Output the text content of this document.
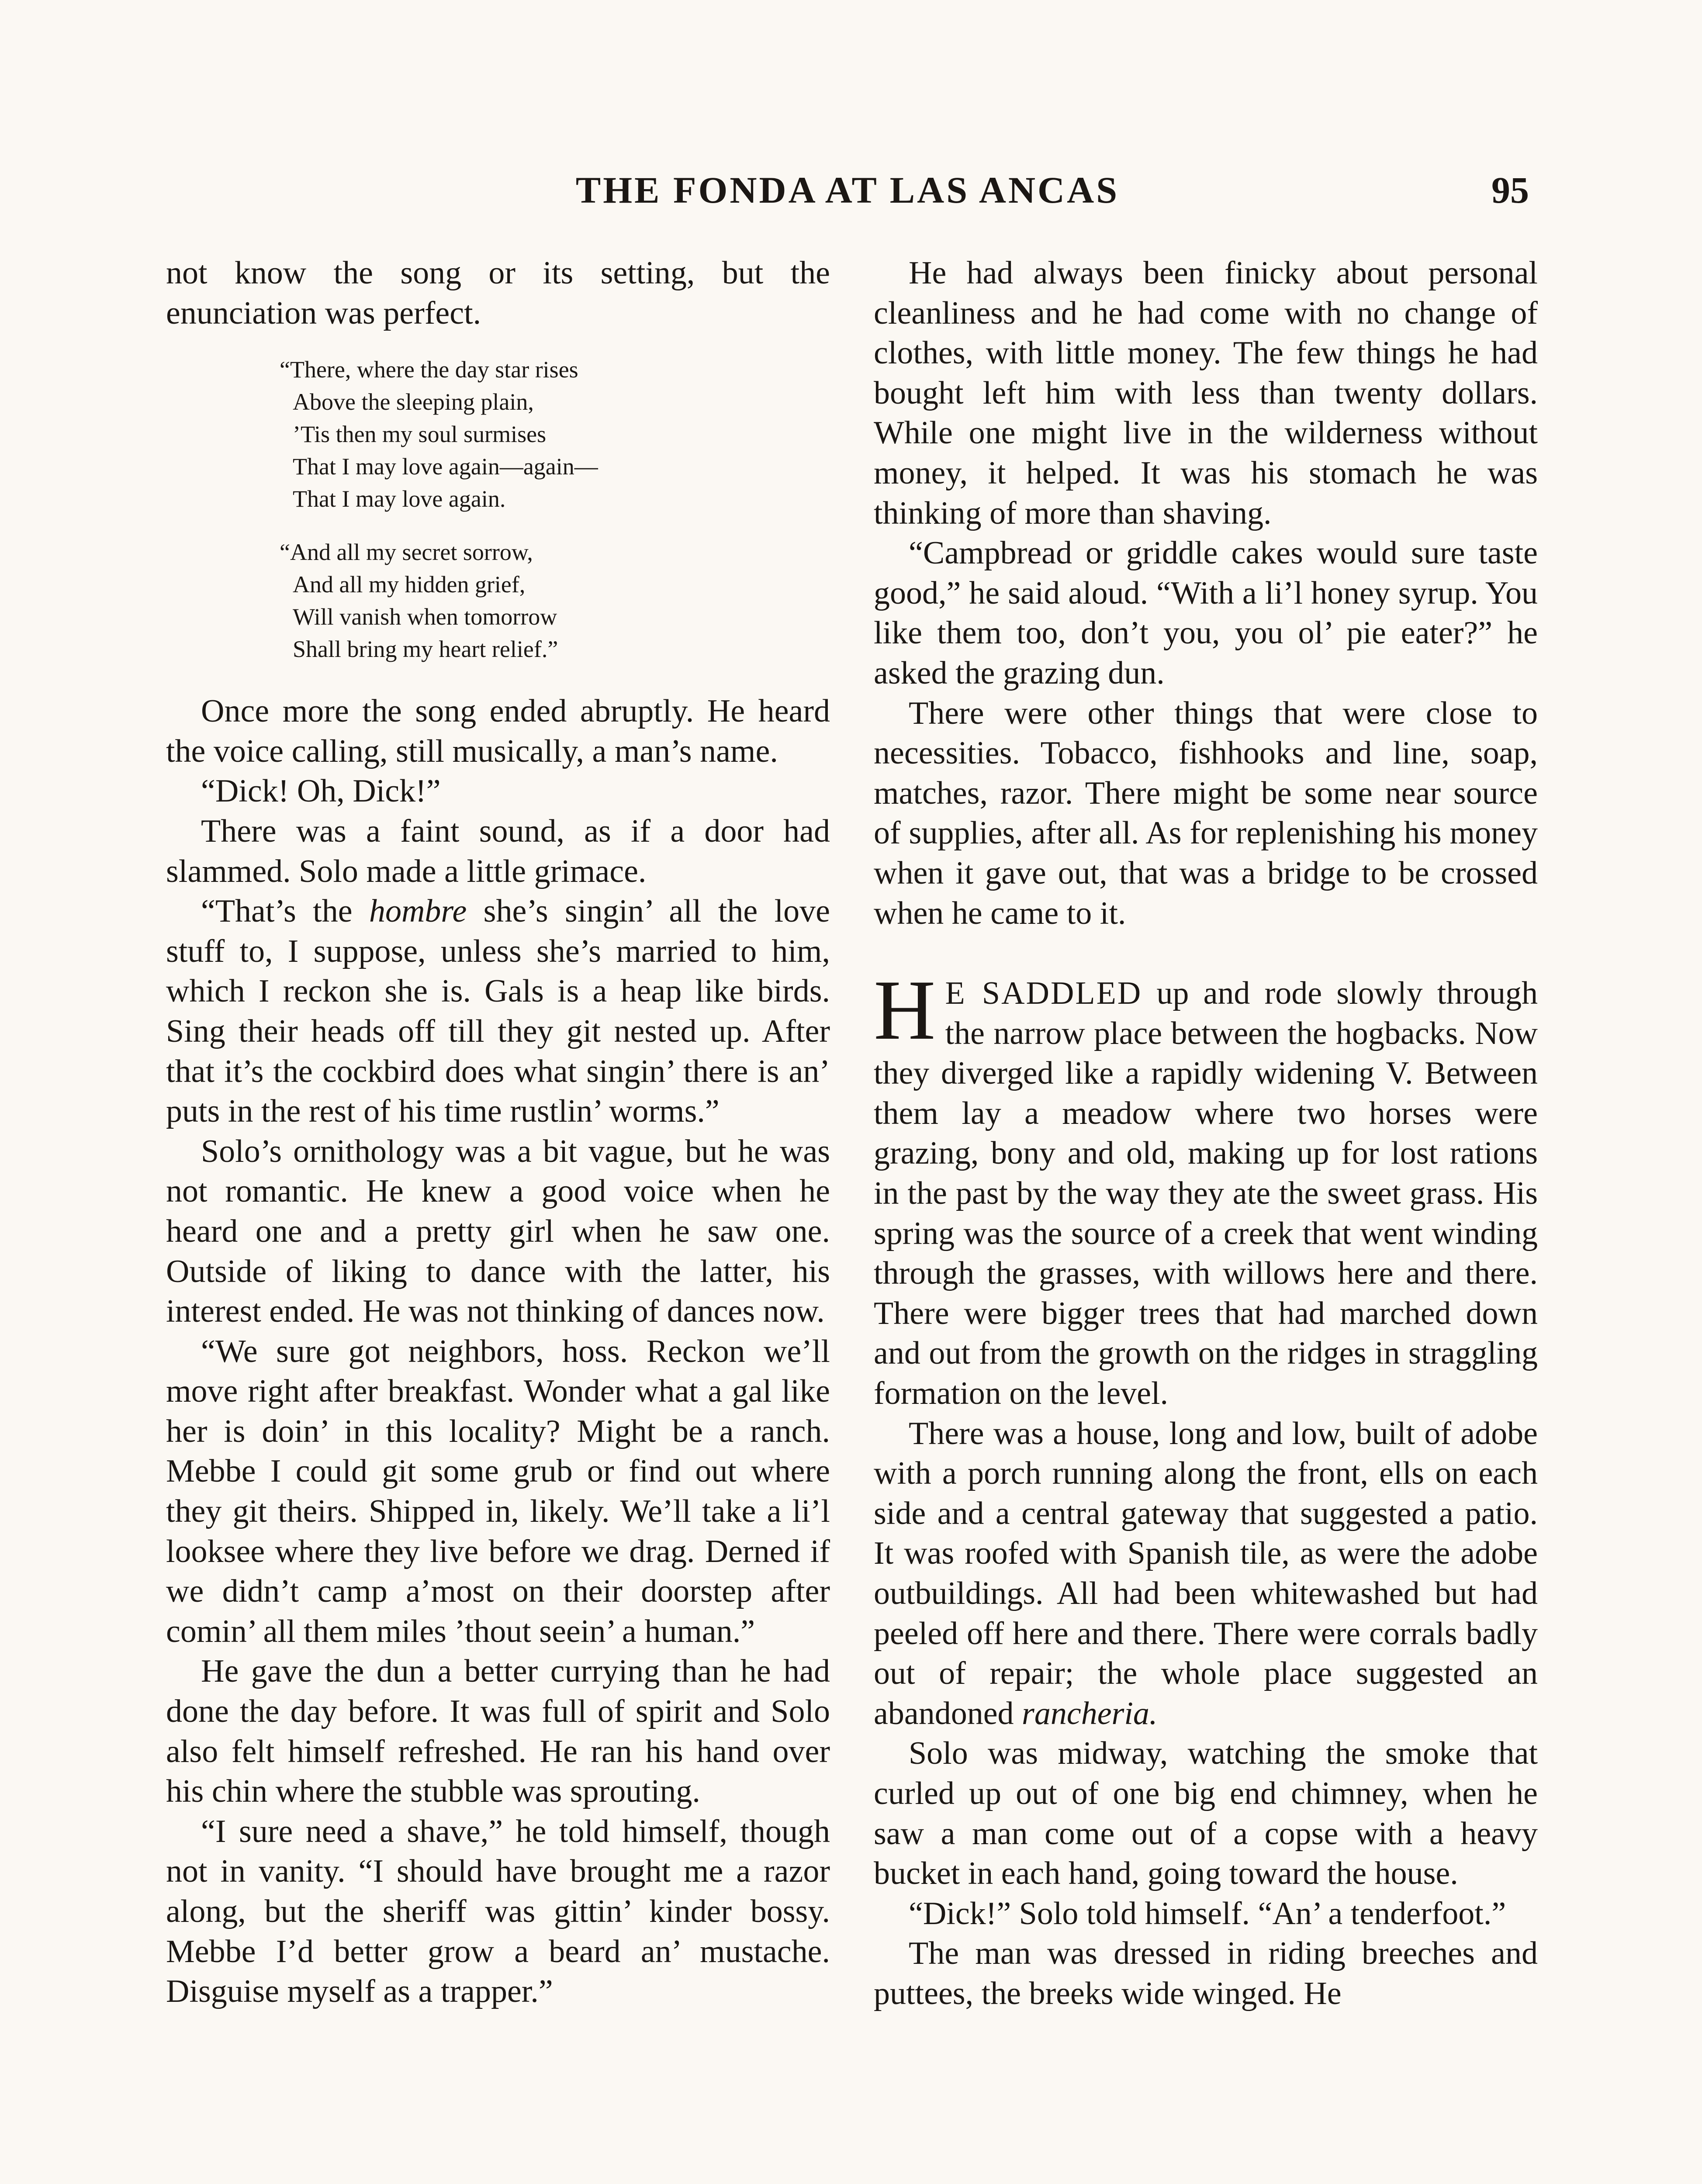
THE FONDA AT LAS ANCAS	95

not know the song or its setting, but the enunciation was perfect.

“There, where the day star rises
Above the sleeping plain,
’Tis then my soul surmises
That I may love again—again—
That I may love again.
“And all my secret sorrow,
And all my hidden grief,
Will vanish when tomorrow
Shall bring my heart relief.”

Once more the song ended abruptly. He heard the voice calling, still musically, a man’s name.

“Dick! Oh, Dick!”

There was a faint sound, as if a door had slammed. Solo made a little grimace.

“That’s the hombre she’s singin’ all the love stuff to, I suppose, unless she’s married to him, which I reckon she is. Gals is a heap like birds. Sing their heads off till they git nested up. After that it’s the cockbird does what singin’ there is an’ puts in the rest of his time rustlin’ worms.”

Solo’s ornithology was a bit vague, but he was not romantic. He knew a good voice when he heard one and a pretty girl when he saw one. Outside of liking to dance with the latter, his interest ended. He was not thinking of dances now.

“We sure got neighbors, hoss. Reckon we’ll move right after breakfast. Wonder what a gal like her is doin’ in this locality? Might be a ranch. Mebbe I could git some grub or find out where they git theirs. Shipped in, likely. We’ll take a li’l looksee where they live before we drag. Derned if we didn’t camp a’most on their doorstep after comin’ all them miles ’thout seein’ a human.”

He gave the dun a better currying than he had done the day before. It was full of spirit and Solo also felt himself refreshed. He ran his hand over his chin where the stubble was sprouting.

“I sure need a shave,” he told himself, though not in vanity. “I should have brought me a razor along, but the sheriff was gittin’ kinder bossy. Mebbe I’d better grow a beard an’ mustache. Disguise myself as a trapper.”

He had always been finicky about personal cleanliness and he had come with no change of clothes, with little money. The few things he had bought left him with less than twenty dollars. While one might live in the wilderness without money, it helped. It was his stomach he was thinking of more than shaving.

“Campbread or griddle cakes would sure taste good,” he said aloud. “With a li’l honey syrup. You like them too, don’t you, you ol’ pie eater?” he asked the grazing dun.

There were other things that were close to necessities. Tobacco, fishhooks and line, soap, matches, razor. There might be some near source of supplies, after all. As for replenishing his money when it gave out, that was a bridge to be crossed when he came to it.

H E SADDLED up and rode slowly through the narrow place between the hogbacks. Now they diverged like a rapidly widening V. Between them lay a meadow where two horses were grazing, bony and old, making up for lost rations in the past by the way they ate the sweet grass. His spring was the source of a creek that went winding through the grasses, with willows here and there. There were bigger trees that had marched down and out from the growth on the ridges in straggling formation on the level.

There was a house, long and low, built of adobe with a porch running along the front, ells on each side and a central gateway that suggested a patio. It was roofed with Spanish tile, as were the adobe outbuildings. All had been whitewashed but had peeled off here and there. There were corrals badly out of repair; the whole place suggested an abandoned rancheria.

Solo was midway, watching the smoke that curled up out of one big end chimney, when he saw a man come out of a copse with a heavy bucket in each hand, going toward the house.

“Dick!” Solo told himself. “An’ a tenderfoot.”

The man was dressed in riding breeches and puttees, the breeks wide winged. He
